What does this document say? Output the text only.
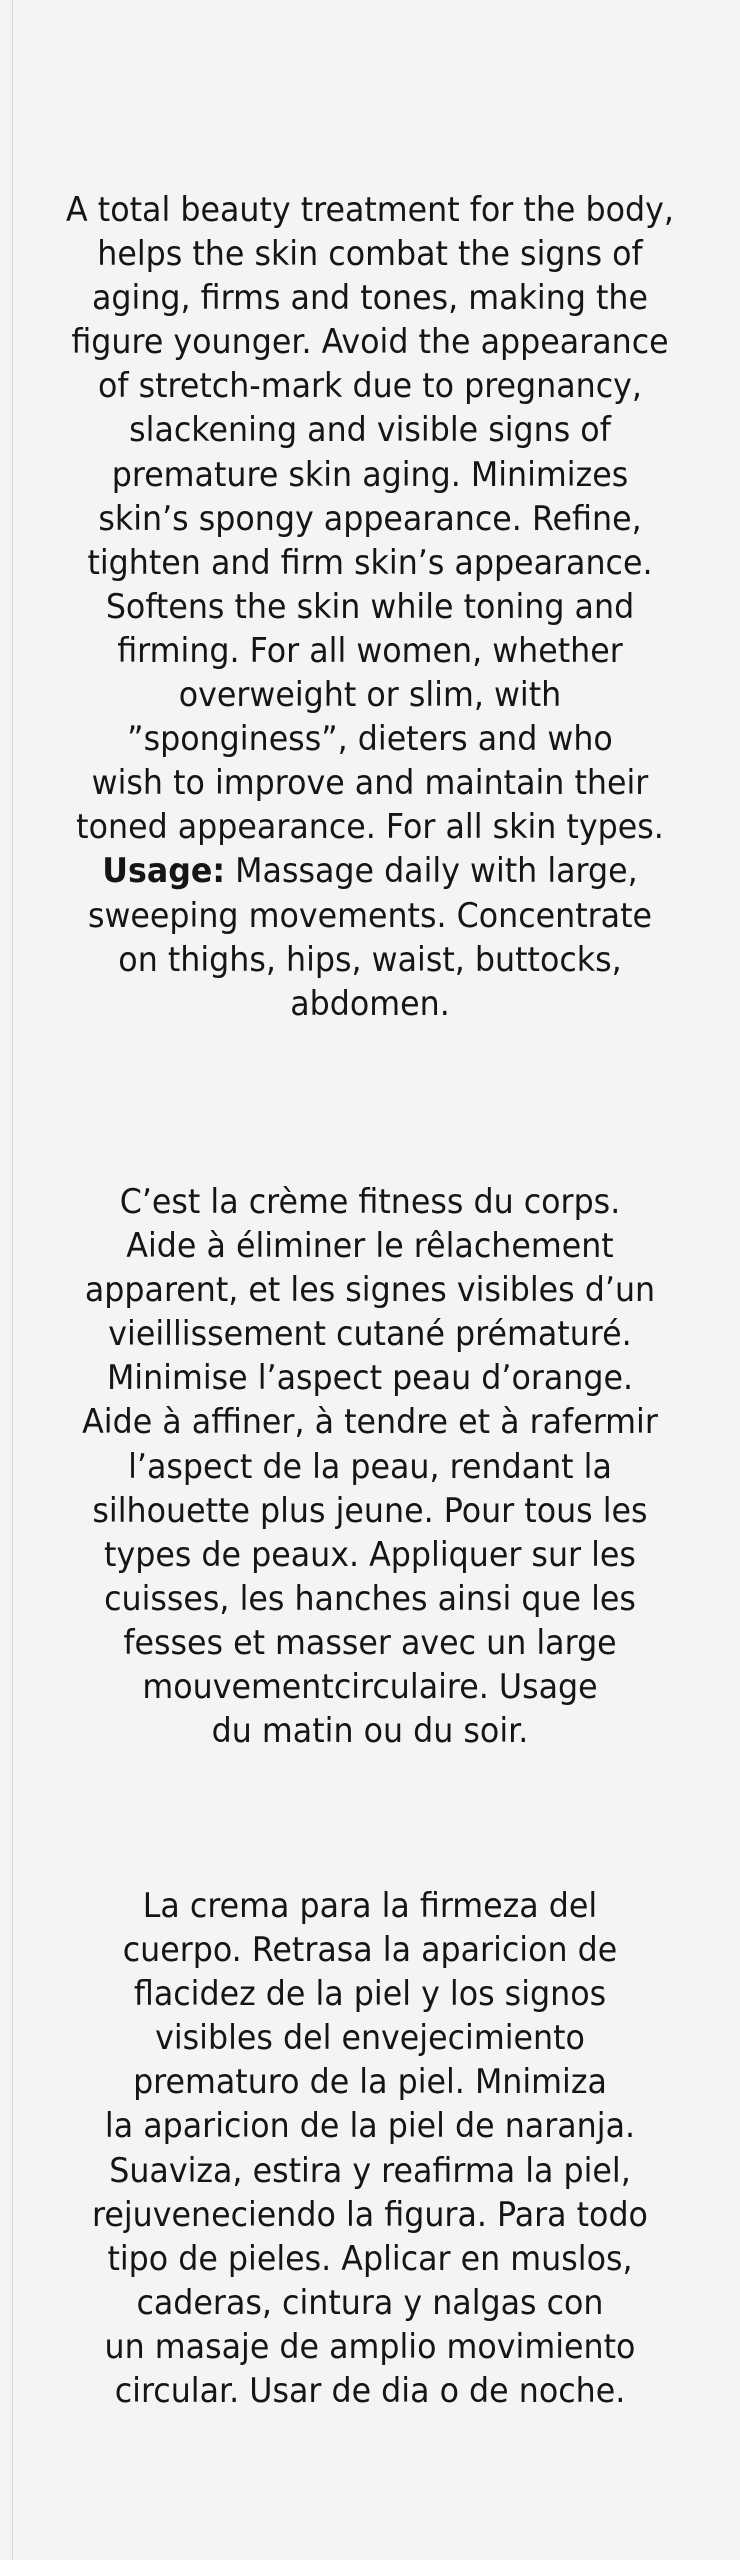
A total beauty treatment for the body,
helps the skin combat the signs of
aging, firms and tones, making the
figure younger. Avoid the appearance
of stretch-mark due to pregnancy,
slackening and visible signs of
premature skin aging. Minimizes
skin’s spongy appearance. Refine,
tighten and firm skin’s appearance.
Softens the skin while toning and
firming. For all women, whether
overweight or slim, with
”sponginess”, dieters and who
wish to improve and maintain their
toned appearance. For all skin types.
Usage: Massage daily with large,
sweeping movements. Concentrate
on thighs, hips, waist, buttocks,
abdomen.
C’est la crème fitness du corps.
Aide à éliminer le rêlachement
apparent, et les signes visibles d’un
vieillissement cutané prématuré.
Minimise l’aspect peau d’orange.
Aide à affiner, à tendre et à rafermir
l’aspect de la peau, rendant la
silhouette plus jeune. Pour tous les
types de peaux. Appliquer sur les
cuisses, les hanches ainsi que les
fesses et masser avec un large
mouvementcirculaire. Usage
du matin ou du soir.
La crema para la firmeza del
cuerpo. Retrasa la aparicion de
flacidez de la piel y los signos
visibles del envejecimiento
prematuro de la piel. Mnimiza
la aparicion de la piel de naranja.
Suaviza, estira y reafirma la piel,
rejuveneciendo la figura. Para todo
tipo de pieles. Aplicar en muslos,
caderas, cintura y nalgas con
un masaje de amplio movimiento
circular. Usar de dia o de noche.
